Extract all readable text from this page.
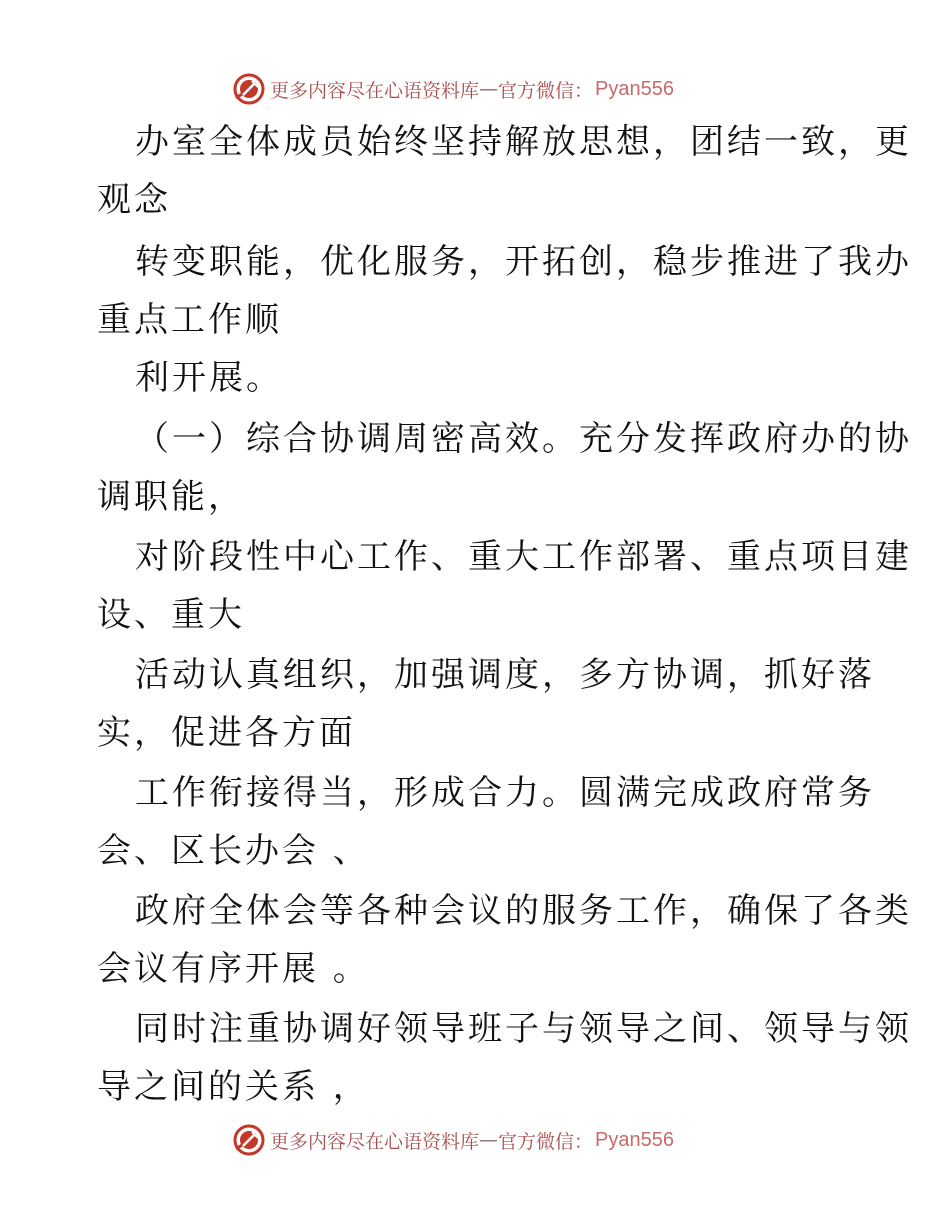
更多内容尽在心语资料库 — 官方微信： Pyan556
办室全体成员始终坚持解放思想，团结一致，更
观念
转变职能，优化服务，开拓创，稳步推进了我办
重点工作顺
利开展。
（一）综合协调周密高效。充分发挥政府办的协
调职能，
对阶段性中心工作、重大工作部署、重点项目建
设、重大
活动认真组织，加强调度，多方协调，抓好落
实，促进各方面
工作衔接得当，形成合力。圆满完成政府常务
会、区长办会 、
政府全体会等各种会议的服务工作，确保了各类
会议有序开展 。
同时注重协调好领导班子与领导之间、领导与领
导之间的关系 ，
更多内容尽在心语资料库 — 官方微信： Pyan556
